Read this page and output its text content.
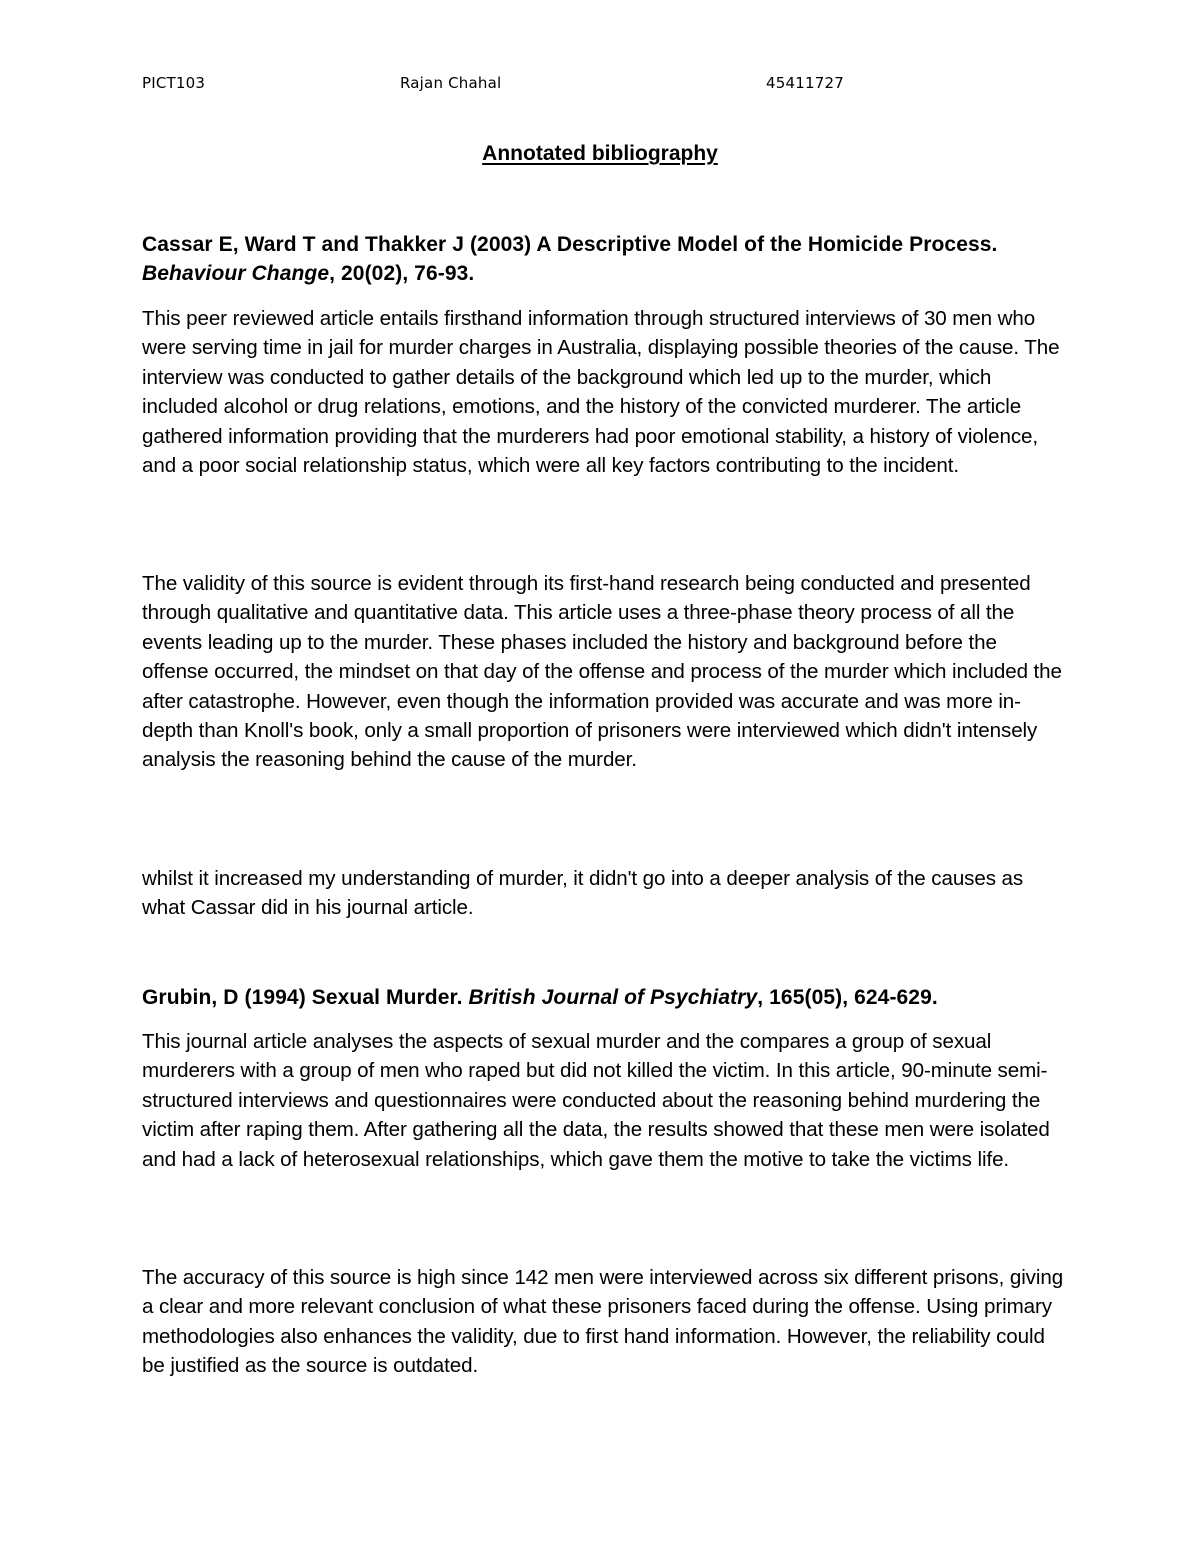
PICT103	Rajan Chahal	45411727
Annotated bibliography
Cassar E, Ward T and Thakker J (2003) A Descriptive Model of the Homicide Process. Behaviour Change, 20(02), 76-93.

This peer reviewed article entails firsthand information through structured interviews of 30 men who were serving time in jail for murder charges in Australia, displaying possible theories of the cause. The interview was conducted to gather details of the background which led up to the murder, which included alcohol or drug relations, emotions, and the history of the convicted murderer. The article gathered information providing that the murderers had poor emotional stability, a history of violence, and a poor social relationship status, which were all key factors contributing to the incident.

The validity of this source is evident through its first-hand research being conducted and presented through qualitative and quantitative data. This article uses a three-phase theory process of all the events leading up to the murder. These phases included the history and background before the offense occurred, the mindset on that day of the offense and process of the murder which included the after catastrophe. However, even though the information provided was accurate and was more in-depth than Knoll's book, only a small proportion of prisoners were interviewed which didn't intensely analysis the reasoning behind the cause of the murder.

whilst it increased my understanding of murder, it didn't go into a deeper analysis of the causes as what Cassar did in his journal article.

Grubin, D (1994) Sexual Murder. British Journal of Psychiatry, 165(05), 624-629.

This journal article analyses the aspects of sexual murder and the compares a group of sexual murderers with a group of men who raped but did not killed the victim. In this article, 90-minute semi-structured interviews and questionnaires were conducted about the reasoning behind murdering the victim after raping them. After gathering all the data, the results showed that these men were isolated and had a lack of heterosexual relationships, which gave them the motive to take the victims life.

The accuracy of this source is high since 142 men were interviewed across six different prisons, giving a clear and more relevant conclusion of what these prisoners faced during the offense. Using primary methodologies also enhances the validity, due to first hand information. However, the reliability could be justified as the source is outdated.
